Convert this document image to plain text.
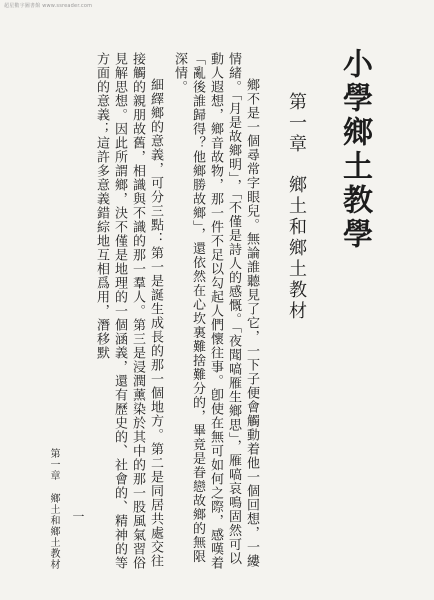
超星數字圖書館 www.ssreader.com
小學鄉土教學
第一章鄉土和鄉土教材

鄉不是一個尋常字眼兒。無論誰聽見了它，一下子便會觸動着他一個回想，一縷情緒。「月是故鄉明」，「不僅是詩人的感慨。「夜聞嗃雁生鄉思」，雁嗃哀鳴固然可以動人遐想，鄉音故物，那一件不足以勾起人們懷往事。卽使在無可如何之際，感嘆着「亂後誰歸得？他鄉勝故鄉」，還依然在心坎裏難捨難分的，畢竟是眷戀故鄉的無限深情。

細繹鄉的意義，可分三點：第一是誕生成長的那一個地方。第二是同居共處交往接觸的親朋故舊，相識與不識的那一羣人。第三是浸潤薰染於其中的那一股風氣習俗見解思想。因此所謂鄉，決不僅是地理的一個涵義，還有歷史的、社會的、精神的等方面的意義；這許多意義錯綜地互相爲用，潛移默

第一章鄉土和鄉土教材 一
